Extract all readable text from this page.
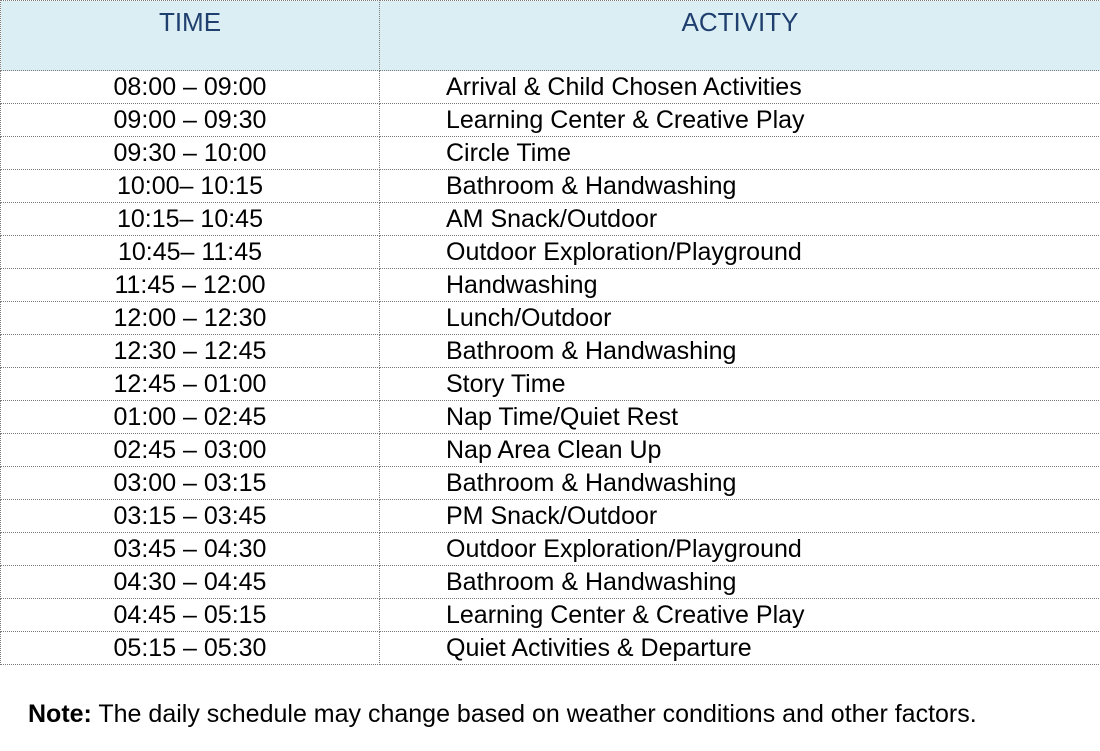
TIME	ACTIVITY
08:00 – 09:00	Arrival & Child Chosen Activities
09:00 – 09:30	Learning Center & Creative Play
09:30 – 10:00	Circle Time
10:00– 10:15	Bathroom & Handwashing
10:15– 10:45	AM Snack/Outdoor
10:45– 11:45	Outdoor Exploration/Playground
11:45 – 12:00	Handwashing
12:00 – 12:30	Lunch/Outdoor
12:30 – 12:45	Bathroom & Handwashing
12:45 – 01:00	Story Time
01:00 – 02:45	Nap Time/Quiet Rest
02:45 – 03:00	Nap Area Clean Up
03:00 – 03:15	Bathroom & Handwashing
03:15 – 03:45	PM Snack/Outdoor
03:45 – 04:30	Outdoor Exploration/Playground
04:30 – 04:45	Bathroom & Handwashing
04:45 – 05:15	Learning Center & Creative Play
05:15 – 05:30	Quiet Activities & Departure
Note: The daily schedule may change based on weather conditions and other factors.
